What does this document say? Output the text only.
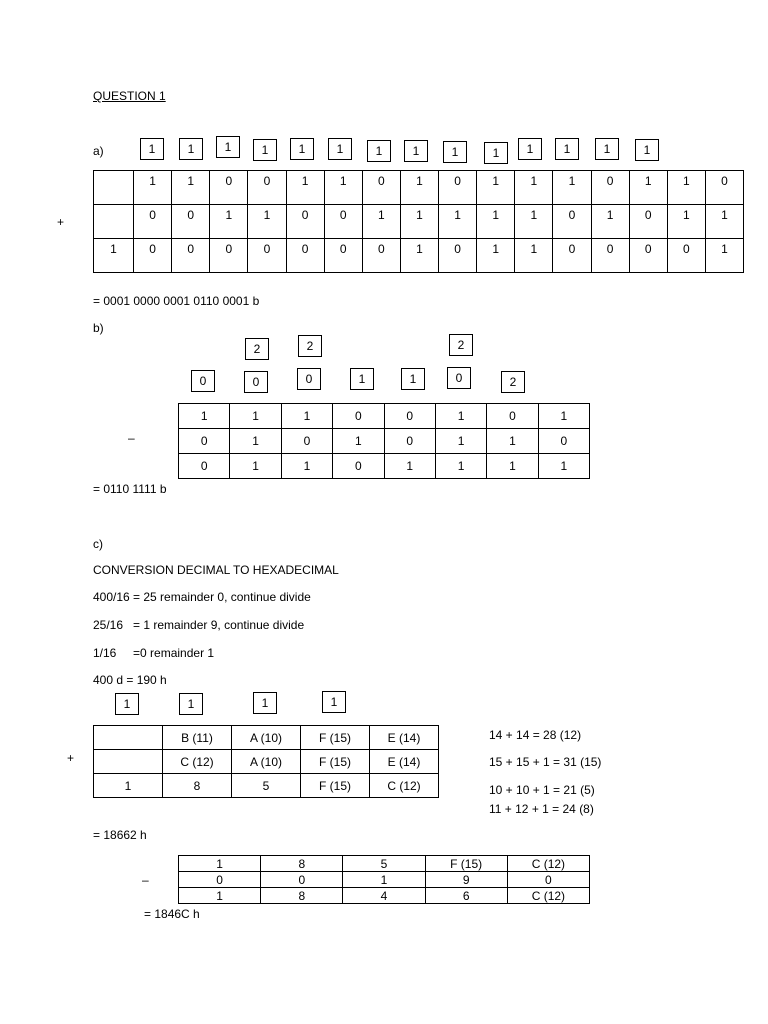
QUESTION 1
a)	1	1	1	1	1	1	1	1	1	1	1	1	1	1
+
	1	1	0	0	1	1	0	1	0	1	1	1	0	1	1	0
	0	0	1	1	0	0	1	1	1	1	1	0	1	0	1	1
1	0	0	0	0	0	0	0	1	0	1	1	0	0	0	0	1
= 0001 0000 0001 0110 0001 b
b)
2	2	2
0	0	0	1	1	0	2
–
1	1	1	0	0	1	0	1
0	1	0	1	0	1	1	0
0	1	1	0	1	1	1	1
= 0110 1111 b
c)
CONVERSION DECIMAL TO HEXADECIMAL
400/16 = 25 remainder 0, continue divide
25/16   = 1 remainder 9, continue divide
1/16     =0 remainder 1
400 d = 190 h
1	1	1	1
+
	B (11)	A (10)	F (15)	E (14)
	C (12)	A (10)	F (15)	E (14)
1	8	5	F (15)	C (12)
14 + 14 = 28 (12)
15 + 15 + 1 = 31 (15)
10 + 10 + 1 = 21 (5)
11 + 12 + 1 = 24 (8)
= 18662 h
–
1	8	5	F (15)	C (12)
0	0	1	9	0
1	8	4	6	C (12)
= 1846C h
